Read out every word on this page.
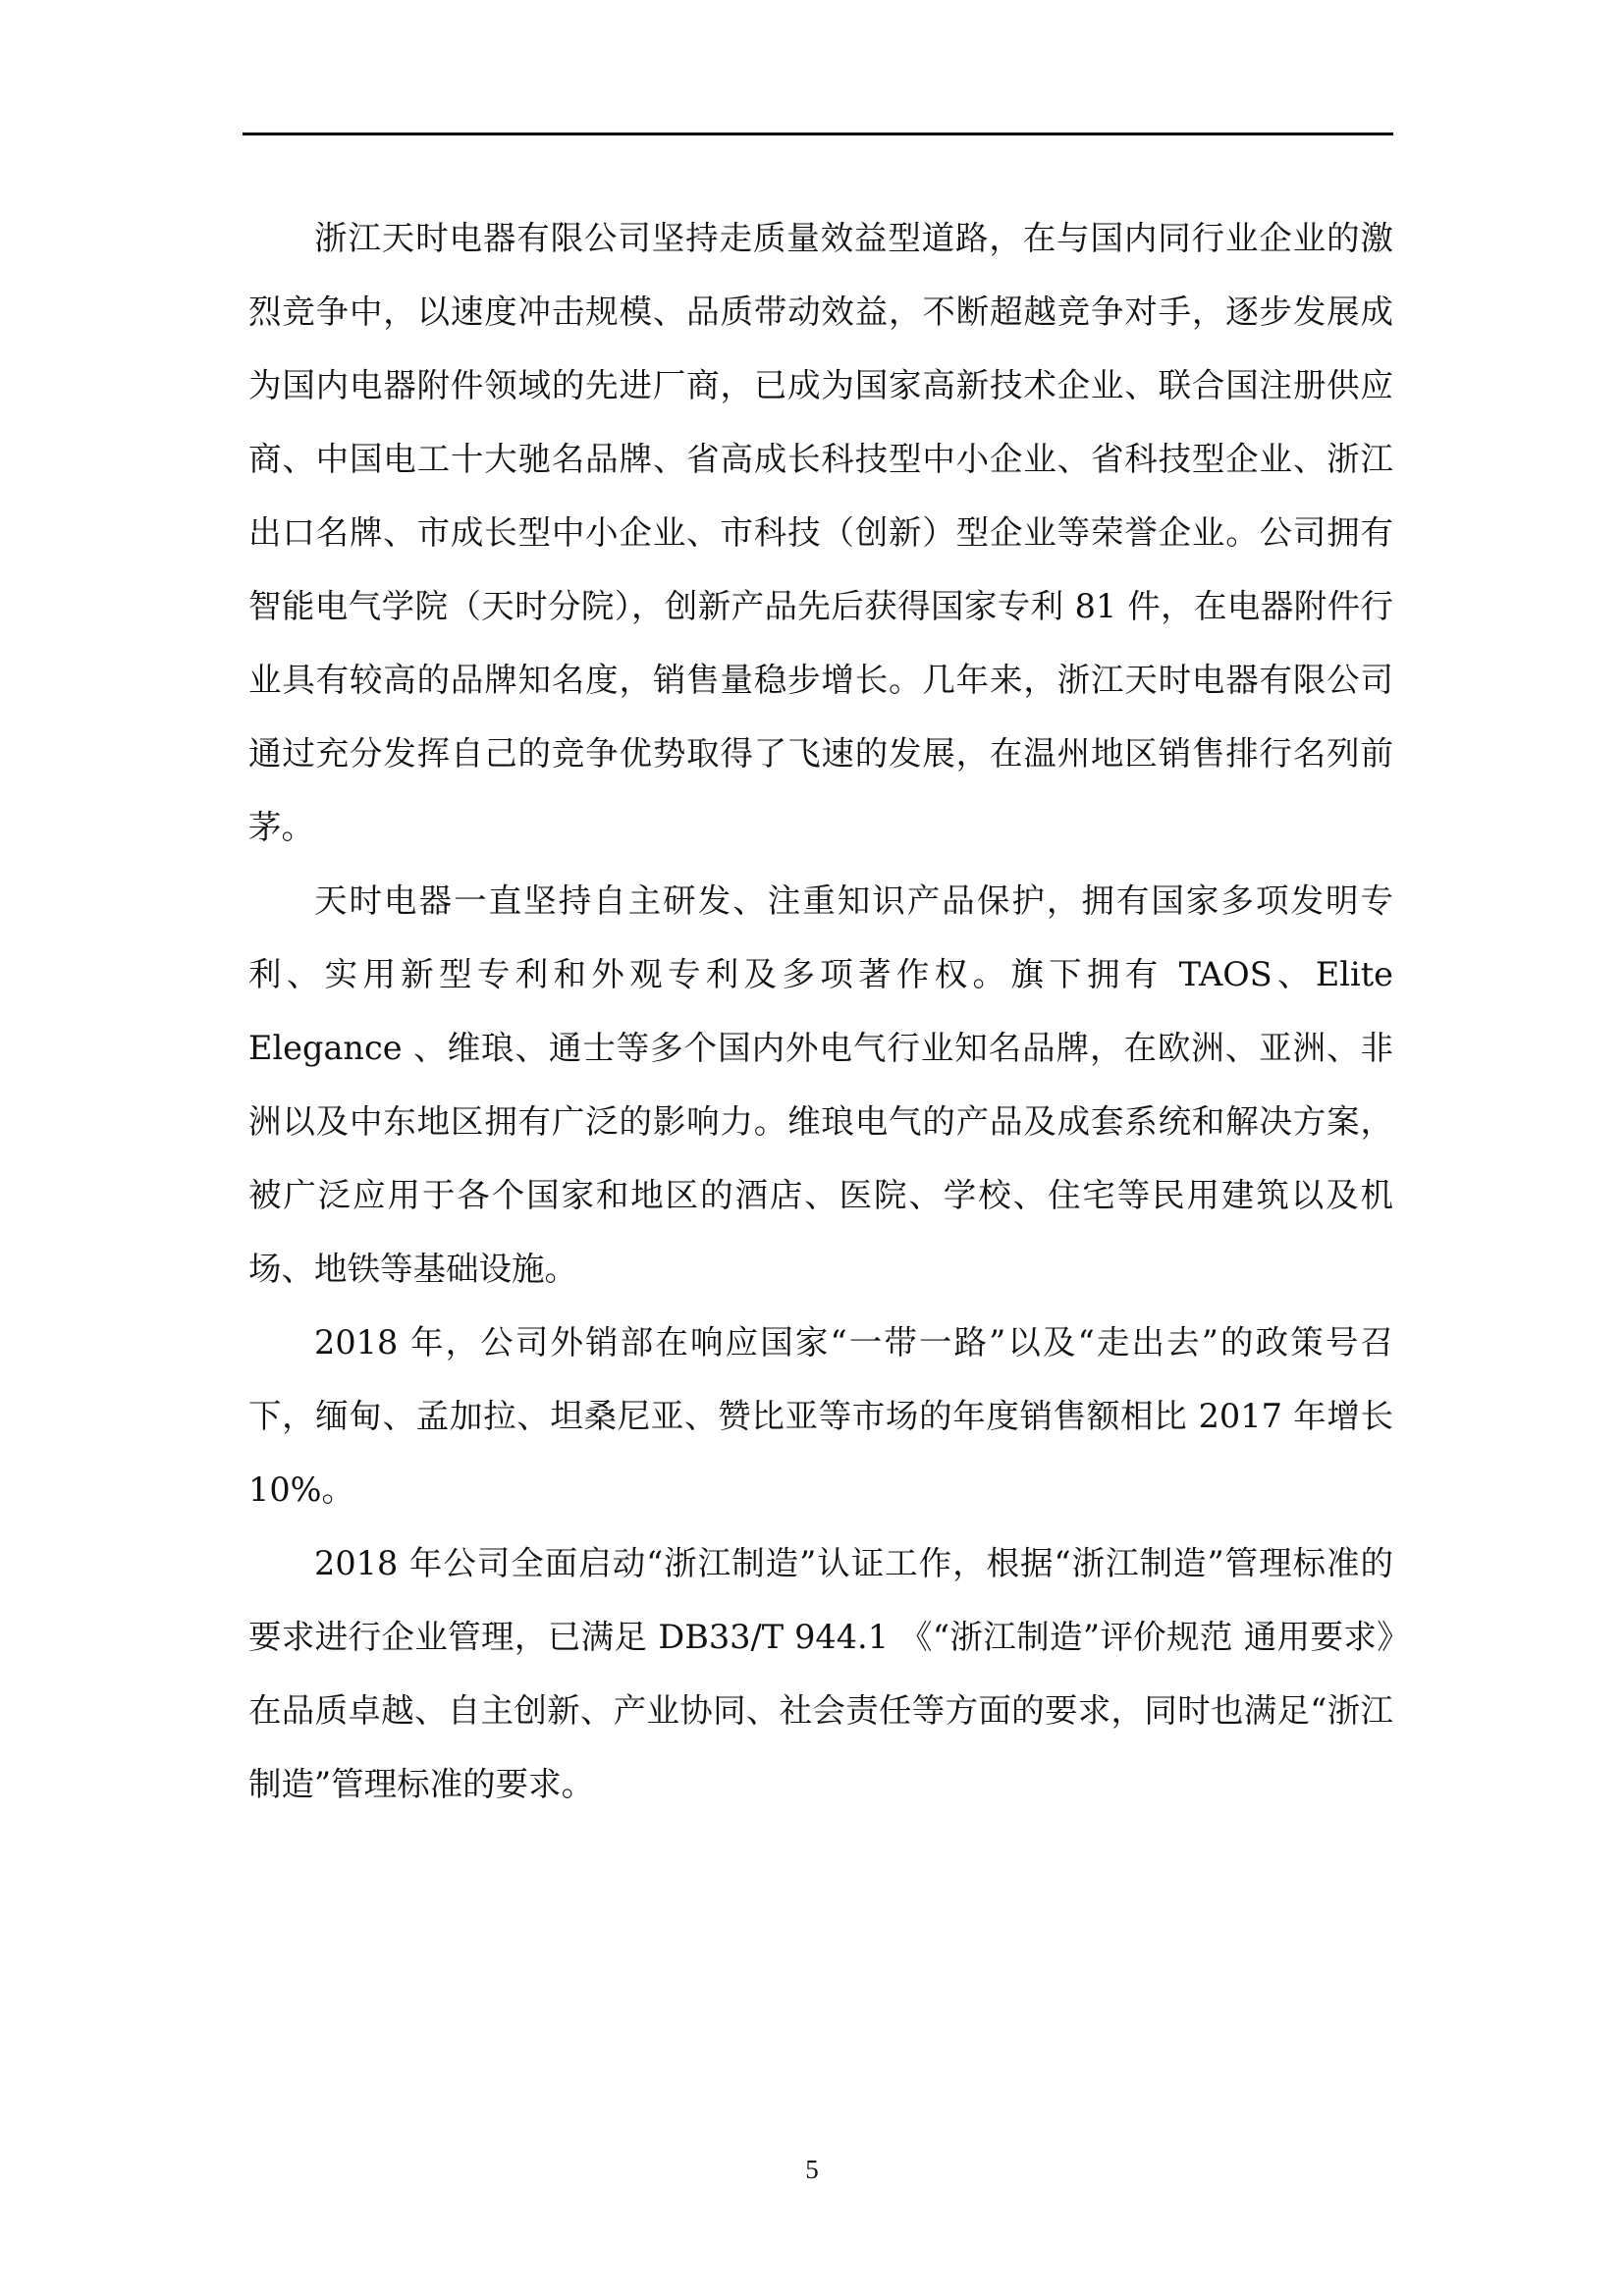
浙江天时电器有限公司坚持走质量效益型道路，在与国内同行业企业的激烈竞争中，以速度冲击规模、品质带动效益，不断超越竞争对手，逐步发展成为国内电器附件领域的先进厂商，已成为国家高新技术企业、联合国注册供应商、中国电工十大驰名品牌、省高成长科技型中小企业、省科技型企业、浙江出口名牌、市成长型中小企业、市科技（创新）型企业等荣誉企业。公司拥有智能电气学院（天时分院），创新产品先后获得国家专利 81 件，在电器附件行业具有较高的品牌知名度，销售量稳步增长。几年来，浙江天时电器有限公司通过充分发挥自己的竞争优势取得了飞速的发展，在温州地区销售排行名列前茅。

天时电器一直坚持自主研发、注重知识产品保护，拥有国家多项发明专利、实用新型专利和外观专利及多项著作权。旗下拥有 TAOS、Elite Elegance 、维琅、通士等多个国内外电气行业知名品牌，在欧洲、亚洲、非洲以及中东地区拥有广泛的影响力。维琅电气的产品及成套系统和解决方案，被广泛应用于各个国家和地区的酒店、医院、学校、住宅等民用建筑以及机场、地铁等基础设施。

2018 年，公司外销部在响应国家“一带一路”以及“走出去”的政策号召下，缅甸、孟加拉、坦桑尼亚、赞比亚等市场的年度销售额相比 2017 年增长 10%。

2018 年公司全面启动“浙江制造”认证工作，根据“浙江制造”管理标准的要求进行企业管理，已满足 DB33/T 944.1 《“浙江制造”评价规范 通用要求》在品质卓越、自主创新、产业协同、社会责任等方面的要求，同时也满足“浙江制造”管理标准的要求。

5
